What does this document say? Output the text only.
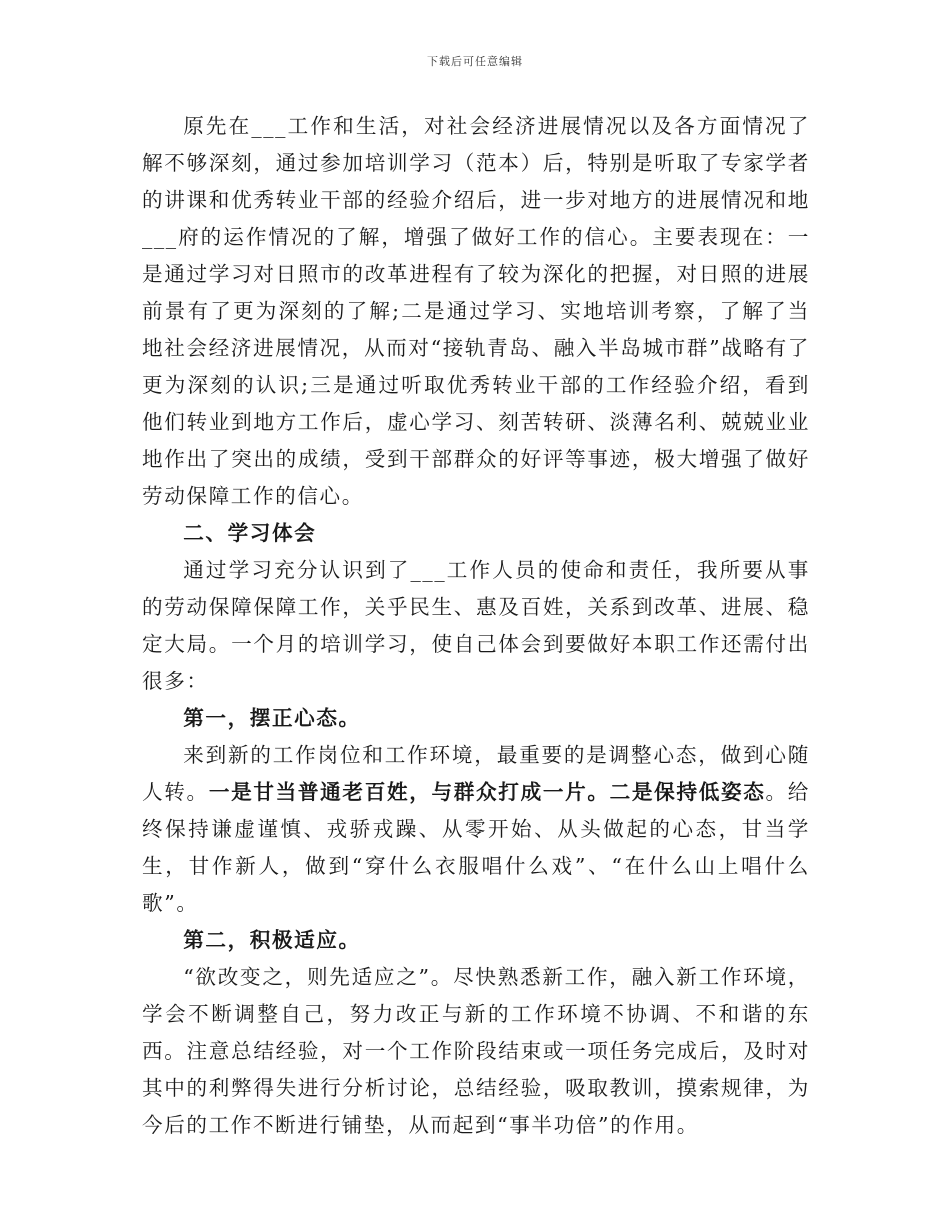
下载后可任意编辑

原先在___工作和生活，对社会经济进展情况以及各方面情况了解不够深刻，通过参加培训学习（范本）后，特别是听取了专家学者的讲课和优秀转业干部的经验介绍后，进一步对地方的进展情况和地___府的运作情况的了解，增强了做好工作的信心。主要表现在：一是通过学习对日照市的改革进程有了较为深化的把握，对日照的进展前景有了更为深刻的了解;二是通过学习、实地培训考察，了解了当地社会经济进展情况，从而对“接轨青岛、融入半岛城市群”战略有了更为深刻的认识;三是通过听取优秀转业干部的工作经验介绍，看到他们转业到地方工作后，虚心学习、刻苦转研、淡薄名利、兢兢业业地作出了突出的成绩，受到干部群众的好评等事迹，极大增强了做好劳动保障工作的信心。

二、学习体会

通过学习充分认识到了___工作人员的使命和责任，我所要从事的劳动保障保障工作，关乎民生、惠及百姓，关系到改革、进展、稳定大局。一个月的培训学习，使自己体会到要做好本职工作还需付出很多：

第一，摆正心态。

来到新的工作岗位和工作环境，最重要的是调整心态，做到心随人转。一是甘当普通老百姓，与群众打成一片。二是保持低姿态。给终保持谦虚谨慎、戎骄戎躁、从零开始、从头做起的心态，甘当学生，甘作新人，做到“穿什么衣服唱什么戏”、“在什么山上唱什么歌”。

第二，积极适应。

“欲改变之，则先适应之”。尽快熟悉新工作，融入新工作环境，学会不断调整自己，努力改正与新的工作环境不协调、不和谐的东西。注意总结经验，对一个工作阶段结束或一项任务完成后，及时对其中的利弊得失进行分析讨论，总结经验，吸取教训，摸索规律，为今后的工作不断进行铺垫，从而起到“事半功倍”的作用。
